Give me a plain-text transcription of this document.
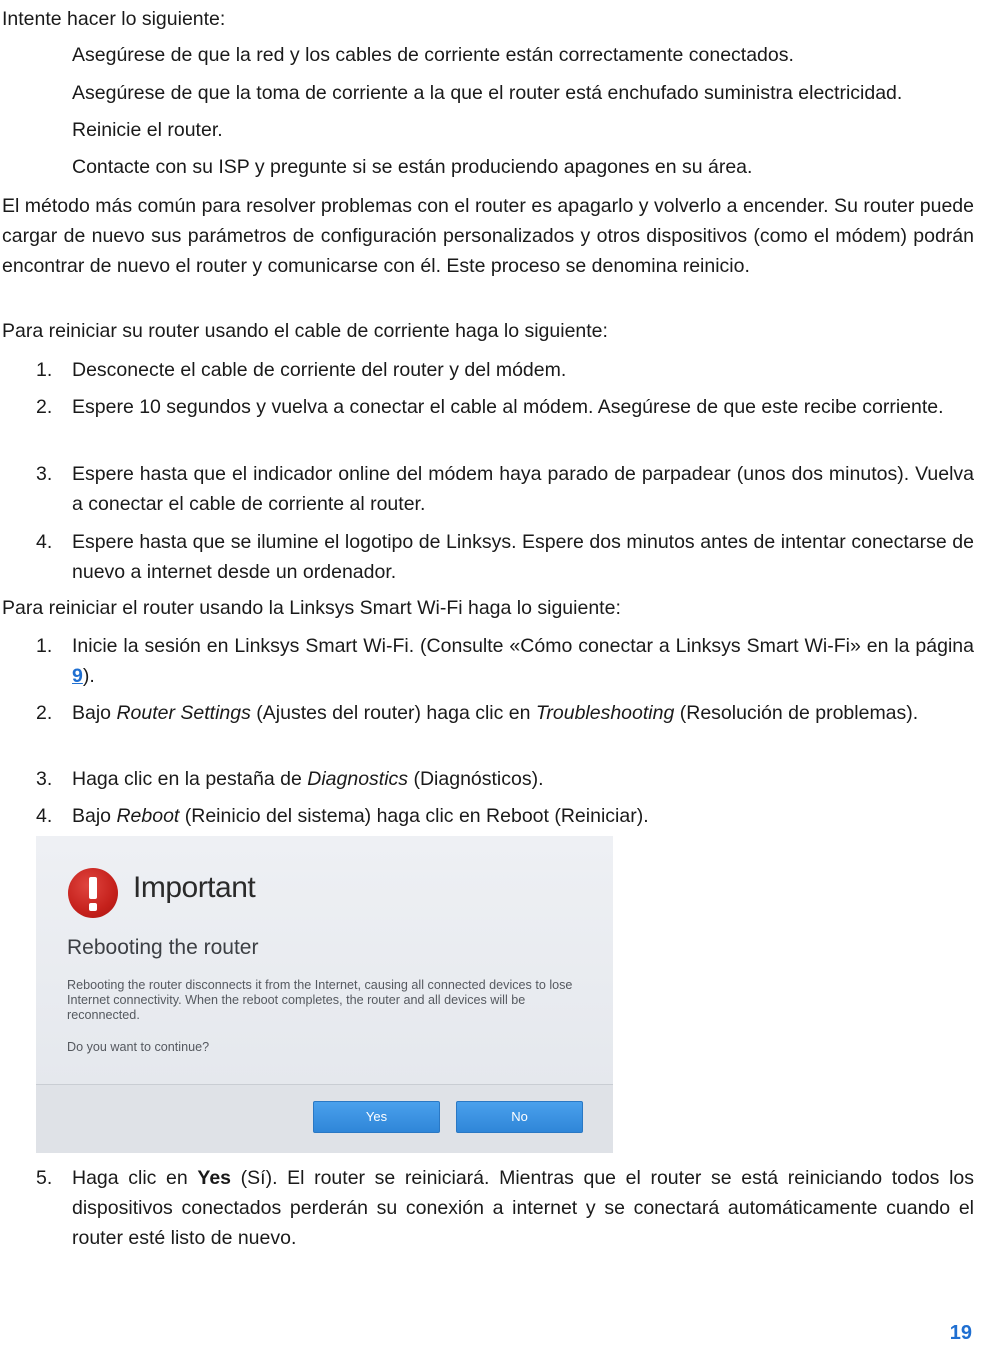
Intente hacer lo siguiente:

Asegúrese de que la red y los cables de corriente están correctamente conectados.

Asegúrese de que la toma de corriente a la que el router está enchufado suministra electricidad.

Reinicie el router.

Contacte con su ISP y pregunte si se están produciendo apagones en su área.

El método más común para resolver problemas con el router es apagarlo y volverlo a encender. Su router puede cargar de nuevo sus parámetros de configuración personalizados y otros dispositivos (como el módem) podrán encontrar de nuevo el router y comunicarse con él. Este proceso se denomina reinicio.

Para reiniciar su router usando el cable de corriente haga lo siguiente:

1. Desconecte el cable de corriente del router y del módem.
2. Espere 10 segundos y vuelva a conectar el cable al módem. Asegúrese de que este recibe corriente.
3. Espere hasta que el indicador online del módem haya parado de parpadear (unos dos minutos). Vuelva a conectar el cable de corriente al router.
4. Espere hasta que se ilumine el logotipo de Linksys. Espere dos minutos antes de intentar conectarse de nuevo a internet desde un ordenador.

Para reiniciar el router usando la Linksys Smart Wi-Fi haga lo siguiente:

1. Inicie la sesión en Linksys Smart Wi-Fi. (Consulte «Cómo conectar a Linksys Smart Wi-Fi» en la página 9).
2. Bajo Router Settings (Ajustes del router) haga clic en Troubleshooting (Resolución de problemas).
3. Haga clic en la pestaña de Diagnostics (Diagnósticos).
4. Bajo Reboot (Reinicio del sistema) haga clic en Reboot (Reiniciar).
Important
Rebooting the router
Rebooting the router disconnects it from the Internet, causing all connected devices to lose Internet connectivity. When the reboot completes, the router and all devices will be reconnected.
Do you want to continue?
Yes	No
5. Haga clic en Yes (Sí). El router se reiniciará. Mientras que el router se está reiniciando todos los dispositivos conectados perderán su conexión a internet y se conectará automáticamente cuando el router esté listo de nuevo.
19
